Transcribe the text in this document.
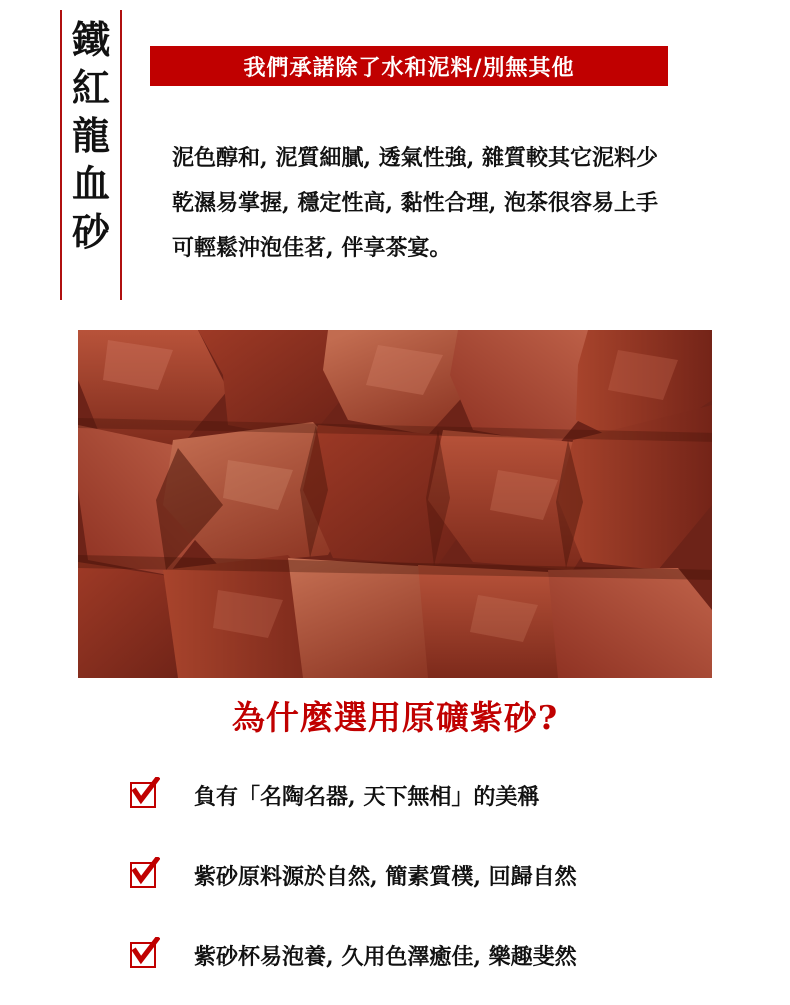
鐵
紅
龍
血
砂
我們承諾除了水和泥料/別無其他
泥色醇和, 泥質細膩, 透氣性強, 雜質較其它泥料少
乾濕易掌握, 穩定性高, 黏性合理, 泡茶很容易上手
可輕鬆沖泡佳茗, 伴享茶宴。
為什麼選用原礦紫砂?
負有「名陶名器, 天下無相」的美稱
紫砂原料源於自然, 簡素質樸, 回歸自然
紫砂杯易泡養, 久用色澤癒佳, 樂趣斐然
